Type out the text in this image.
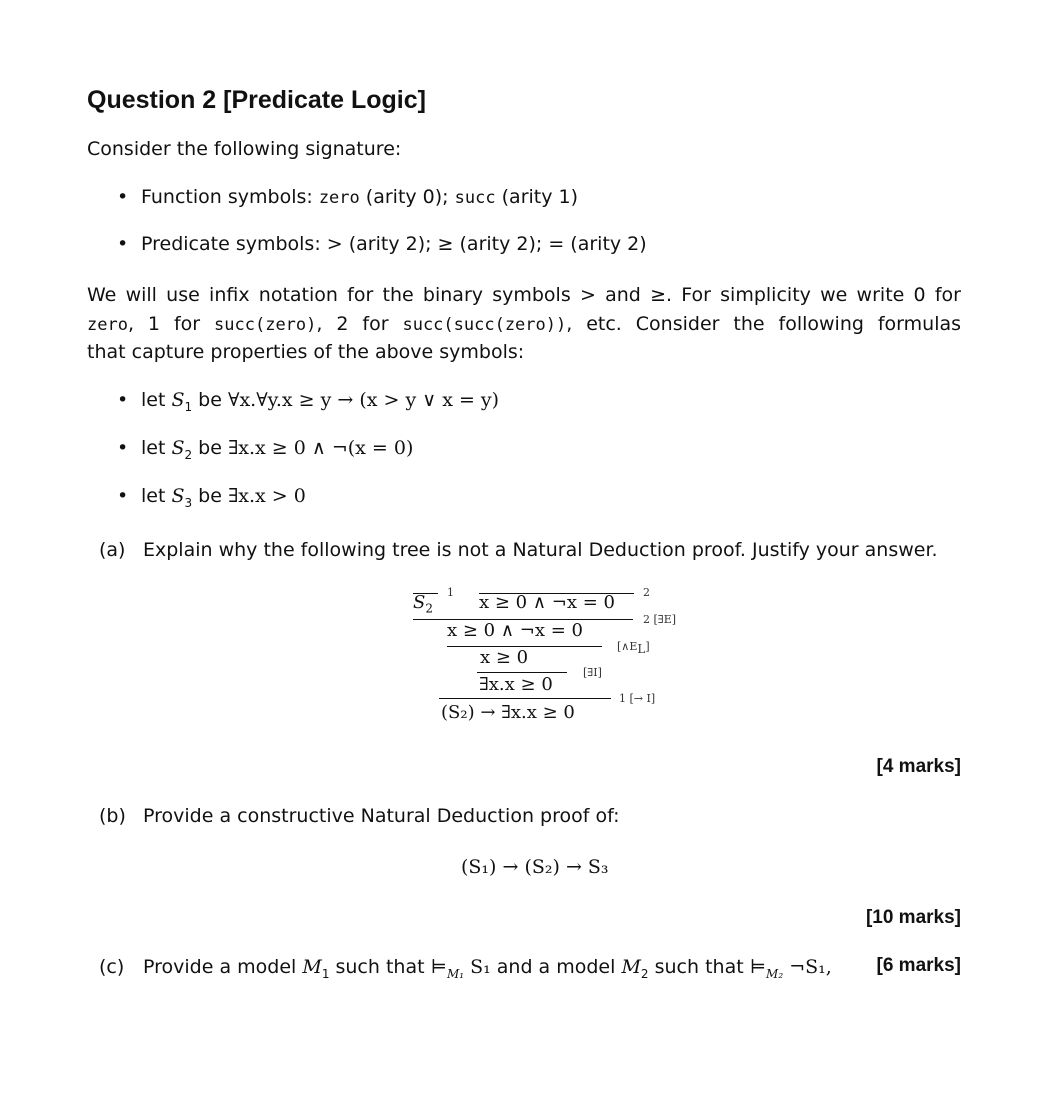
Question 2 [Predicate Logic]
Consider the following signature:
• Function symbols: zero (arity 0); succ (arity 1)
• Predicate symbols: > (arity 2); ≥ (arity 2); = (arity 2)
We will use infix notation for the binary symbols > and ≥. For simplicity we write 0 for
zero, 1 for succ(zero), 2 for succ(succ(zero)), etc. Consider the following formulas
that capture properties of the above symbols:
• let $S_1$ be ∀x.∀y.x ≥ y → (x > y ∨ x = y)
• let $S_2$ be ∃x.x ≥ 0 ∧ ¬(x = 0)
• let $S_3$ be ∃x.x > 0
(a) Explain why the following tree is not a Natural Deduction proof. Justify your answer.
$S_2$
1 x ≥ 0 ∧ ¬x = 0	2
2 [∃E]
x ≥ 0 ∧ ¬x = 0
$[\wedge E_L]$
x ≥ 0
[∃I]
∃x.x ≥ 0
1 [→ I]
(S₂) → ∃x.x ≥ 0
[4 marks]
(b) Provide a constructive Natural Deduction proof of:
(S₁) → (S₂) → S₃
[10 marks]
(c) Provide a model $M_1$ such that $⊨_{M_1}$ S₁ and a model $M_2$ such that $⊨_{M_2}$ ¬S₁, [6 marks]
